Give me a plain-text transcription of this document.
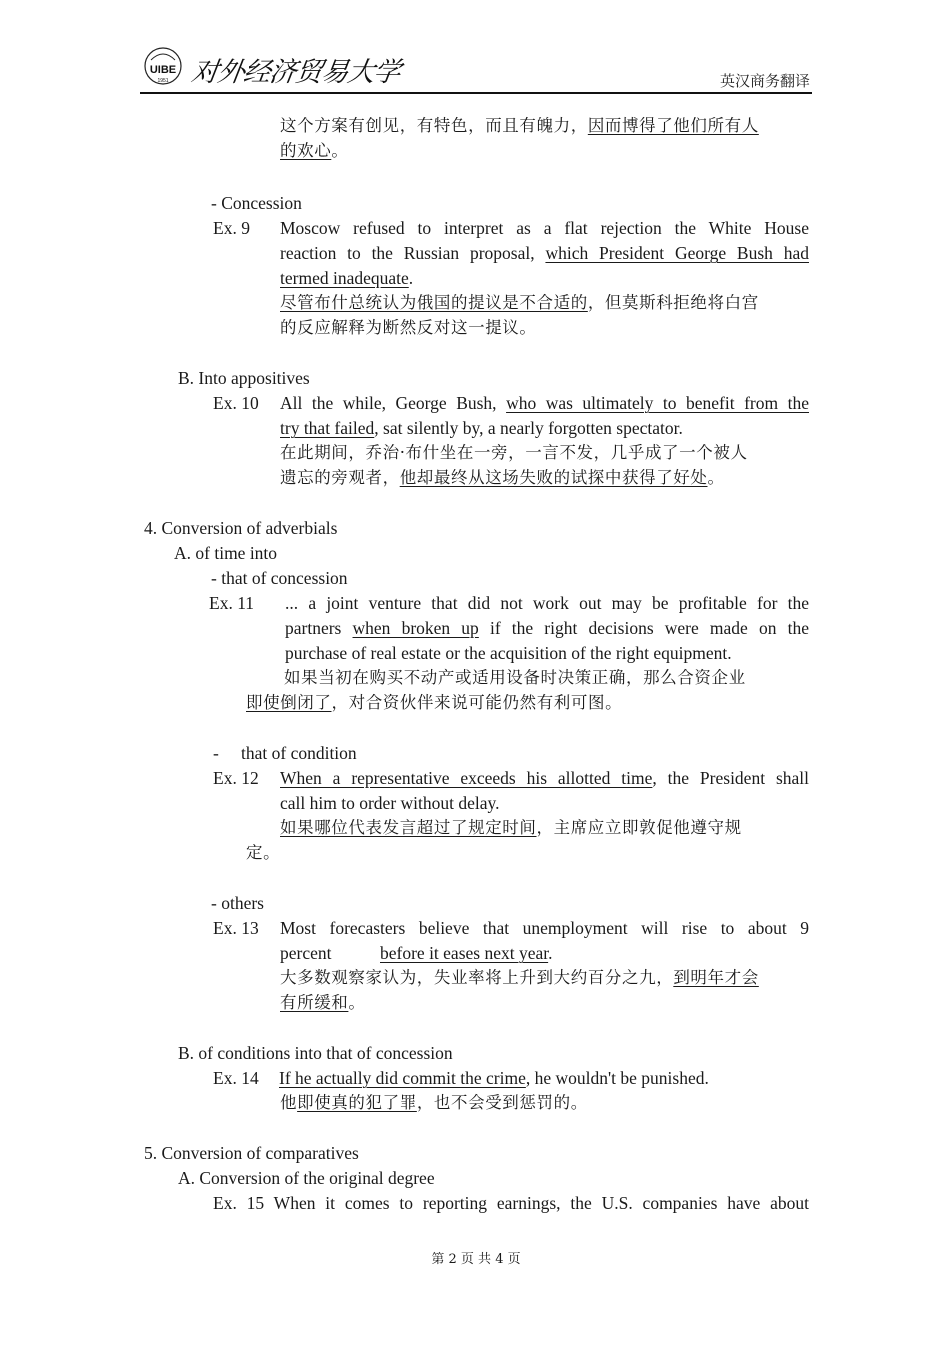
UIBE
1951 对外经济贸易大学	英汉商务翻译
这个方案有创见，有特色，而且有魄力，因而博得了他们所有人
的欢心。
- Concession
Ex. 9 Moscow refused to interpret as a flat rejection the White House
reaction to the Russian proposal, which President George Bush had
termed inadequate.
尽管布什总统认为俄国的提议是不合适的，但莫斯科拒绝将白宫
的反应解释为断然反对这一提议。
B. Into appositives
Ex. 10 All the while, George Bush, who was ultimately to benefit from the
try that failed, sat silently by, a nearly forgotten spectator.
在此期间，乔治·布什坐在一旁，一言不发，几乎成了一个被人
遗忘的旁观者，他却最终从这场失败的试探中获得了好处。
4. Conversion of adverbials
A. of time into
- that of concession
Ex. 11 ... a joint venture that did not work out may be profitable for the
partners when broken up if the right decisions were made on the
purchase of real estate or the acquisition of the right equipment.
如果当初在购买不动产或适用设备时决策正确，那么合资企业
即使倒闭了，对合资伙伴来说可能仍然有利可图。
- that of condition
Ex. 12 When a representative exceeds his allotted time, the President shall
call him to order without delay.
如果哪位代表发言超过了规定时间，主席应立即敦促他遵守规
定。
- others
Ex. 13 Most forecasters believe that unemployment will rise to about 9
percent	before it eases next year.
大多数观察家认为，失业率将上升到大约百分之九，到明年才会
有所缓和。
B. of conditions into that of concession
Ex. 14 If he actually did commit the crime, he wouldn't be punished.
他即使真的犯了罪，也不会受到惩罚的。
5. Conversion of comparatives
A. Conversion of the original degree
Ex. 15 When it comes to reporting earnings, the U.S. companies have about
第 2 页 共 4 页
